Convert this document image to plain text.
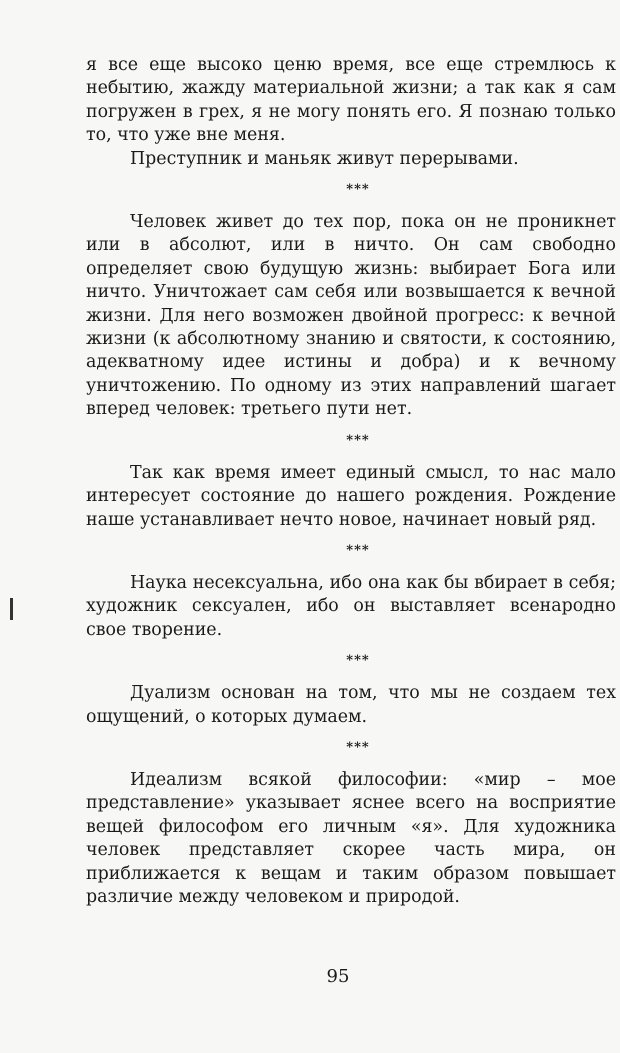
я все еще высоко ценю время, все еще стремлюсь к небытию, жажду материальной жизни; а так как я сам погружен в грех, я не могу понять его. Я познаю только то, что уже вне меня.

Преступник и маньяк живут перерывами.

***

Человек живет до тех пор, пока он не проникнет или в абсолют, или в ничто. Он сам свободно определяет свою будущую жизнь: выбирает Бога или ничто. Уничтожает сам себя или возвышается к вечной жизни. Для него возможен двойной прогресс: к вечной жизни (к абсолютному знанию и святости, к состоянию, адекватному идее истины и добра) и к вечному уничтожению. По одному из этих направлений шагает вперед человек: третьего пути нет.

***

Так как время имеет единый смысл, то нас мало интересует состояние до нашего рождения. Рождение наше устанавливает нечто новое, начинает новый ряд.

***

Наука несексуальна, ибо она как бы вбирает в себя; художник сексуален, ибо он выставляет всенародно свое творение.

***

Дуализм основан на том, что мы не создаем тех ощущений, о которых думаем.

***

Идеализм всякой философии: «мир – мое представление» указывает яснее всего на восприятие вещей философом его личным «я». Для художника человек представляет скорее часть мира, он приближается к вещам и таким образом повышает различие между человеком и природой.

95
